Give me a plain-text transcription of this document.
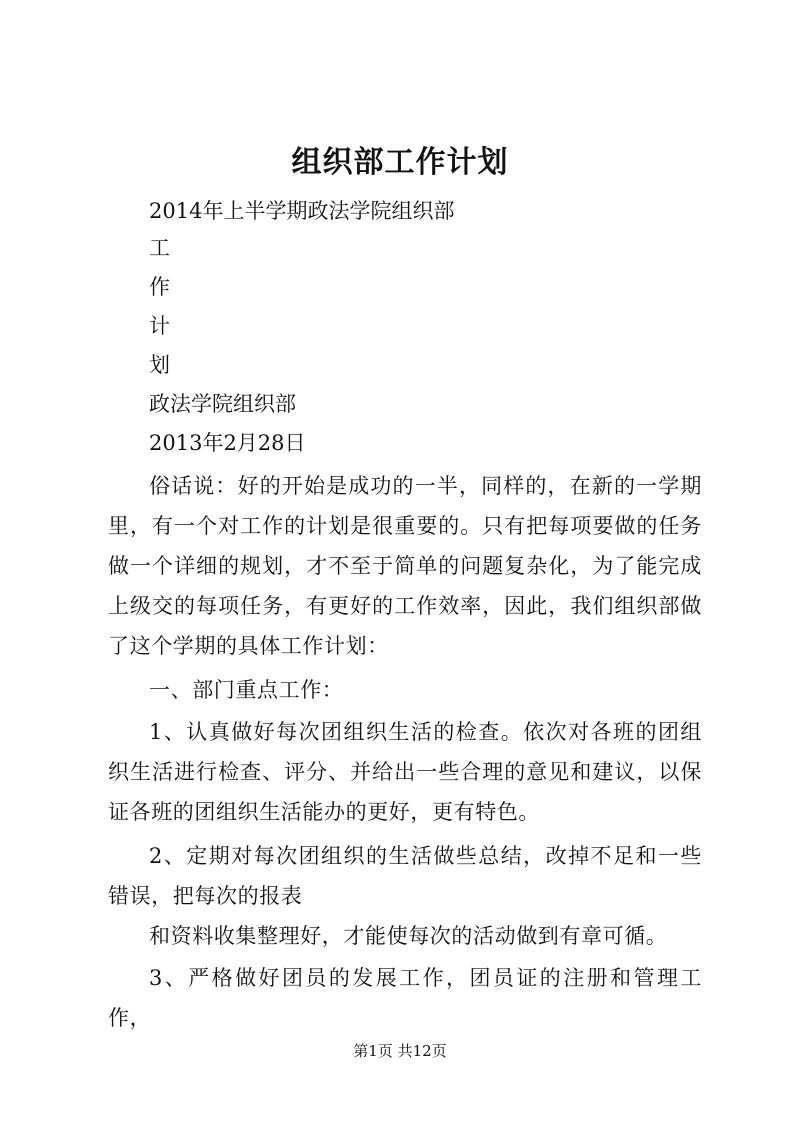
组织部工作计划
2014年上半学期政法学院组织部
工
作
计
划
政法学院组织部
2013年2月28日
俗话说：好的开始是成功的一半，同样的，在新的一学期里，有一个对工作的计划是很重要的。只有把每项要做的任务做一个详细的规划，才不至于简单的问题复杂化，为了能完成上级交的每项任务，有更好的工作效率，因此，我们组织部做了这个学期的具体工作计划：
一、部门重点工作：
1、认真做好每次团组织生活的检查。依次对各班的团组织生活进行检查、评分、并给出一些合理的意见和建议，以保证各班的团组织生活能办的更好，更有特色。
2、定期对每次团组织的生活做些总结，改掉不足和一些错误，把每次的报表
和资料收集整理好，才能使每次的活动做到有章可循。
3、严格做好团员的发展工作，团员证的注册和管理工作，
第1页 共12页
